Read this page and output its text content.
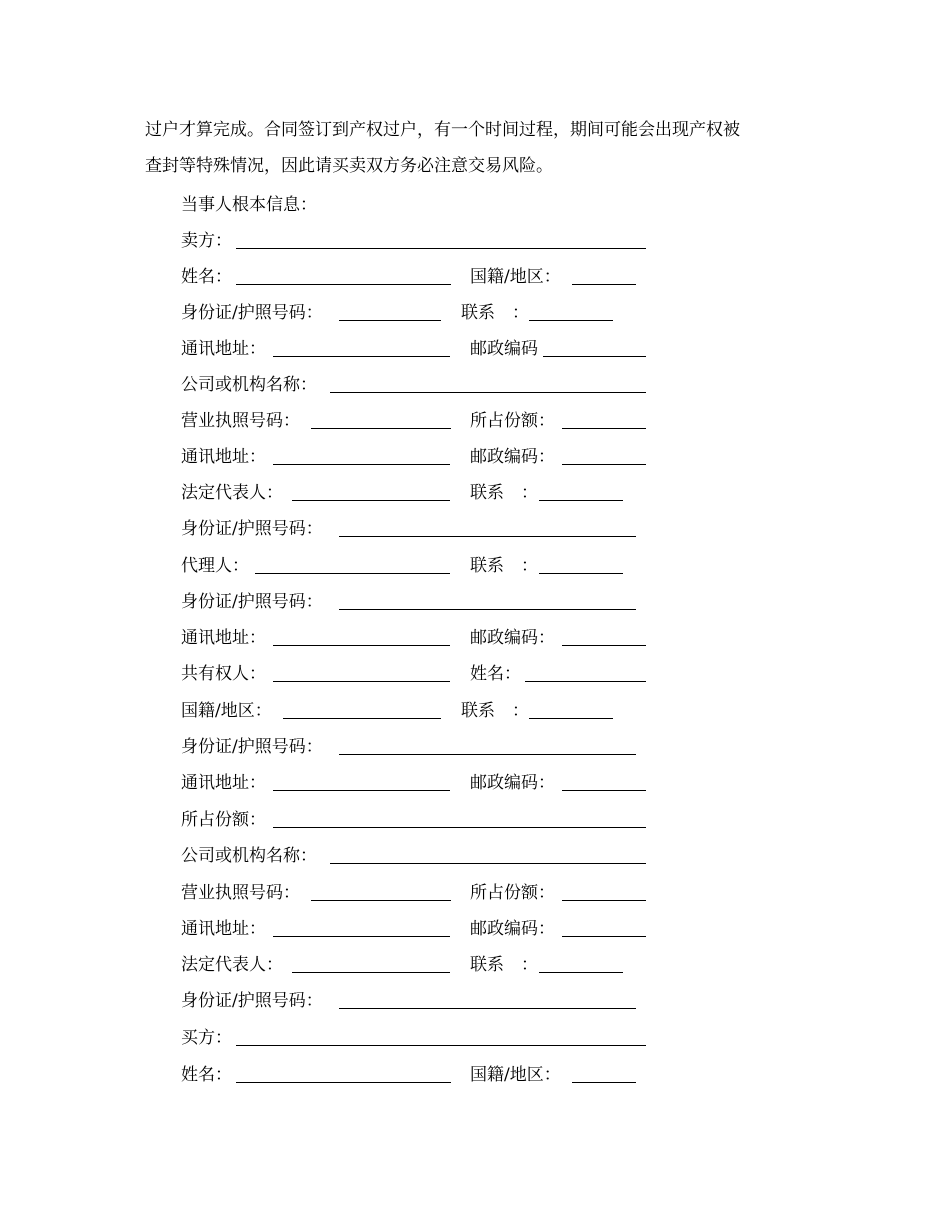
过户才算完成。合同签订到产权过户，有一个时间过程，期间可能会出现产权被
查封等特殊情况，因此请买卖双方务必注意交易风险。

当事人根本信息：
卖方：
姓名：	国籍/地区：
身份证/护照号码：	联系　：
通讯地址：	邮政编码
公司或机构名称：
营业执照号码：	所占份额：
通讯地址：	邮政编码：
法定代表人：	联系　：
身份证/护照号码：
代理人：	联系　：
身份证/护照号码：
通讯地址：	邮政编码：
共有权人：	姓名：
国籍/地区：	联系　：
身份证/护照号码：
通讯地址：	邮政编码：
所占份额：
公司或机构名称：
营业执照号码：	所占份额：
通讯地址：	邮政编码：
法定代表人：	联系　：
身份证/护照号码：
买方：
姓名：	国籍/地区：
